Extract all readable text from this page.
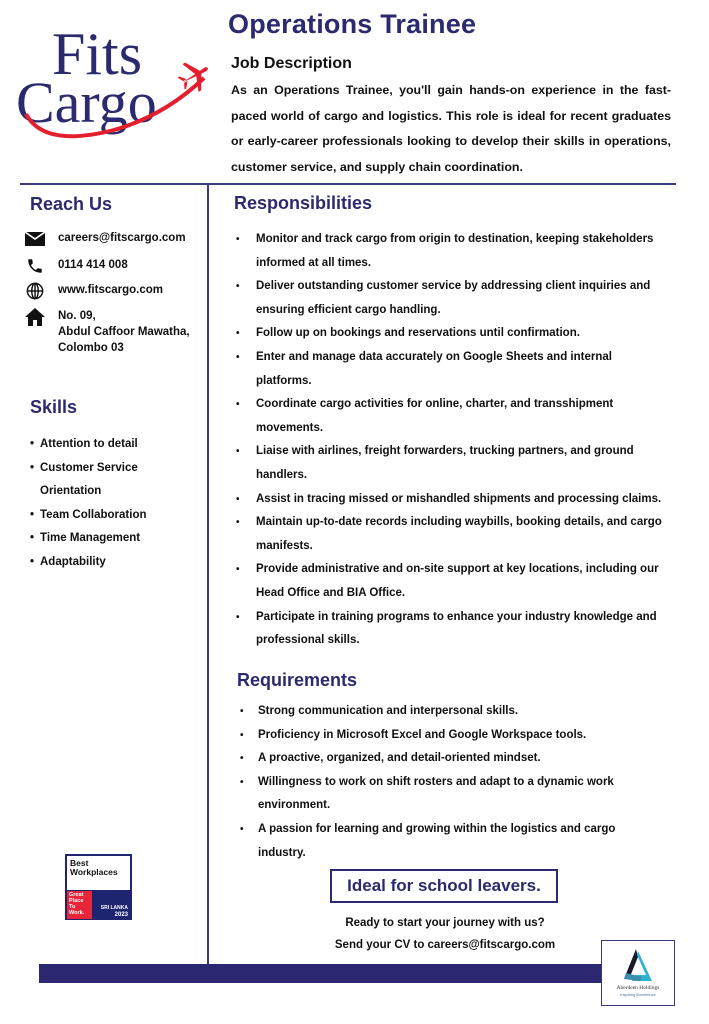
Fits
Cargo
Operations Trainee
Job Description
As an Operations Trainee, you'll gain hands-on experience in the fast-paced world of cargo and logistics. This role is ideal for recent graduates or early-career professionals looking to develop their skills in operations, customer service, and supply chain coordination.
Reach Us
careers@fitscargo.com
0114 414 008
www.fitscargo.com
No. 09,
Abdul Caffoor Mawatha,
Colombo 03
Skills
• Attention to detail
• Customer Service Orientation
• Team Collaboration
• Time Management
• Adaptability
Responsibilities
• Monitor and track cargo from origin to destination, keeping stakeholders informed at all times.
• Deliver outstanding customer service by addressing client inquiries and ensuring efficient cargo handling.
• Follow up on bookings and reservations until confirmation.
• Enter and manage data accurately on Google Sheets and internal platforms.
• Coordinate cargo activities for online, charter, and transshipment movements.
• Liaise with airlines, freight forwarders, trucking partners, and ground handlers.
• Assist in tracing missed or mishandled shipments and processing claims.
• Maintain up-to-date records including waybills, booking details, and cargo manifests.
• Provide administrative and on-site support at key locations, including our Head Office and BIA Office.
• Participate in training programs to enhance your industry knowledge and professional skills.
Requirements
• Strong communication and interpersonal skills.
• Proficiency in Microsoft Excel and Google Workspace tools.
• A proactive, organized, and detail-oriented mindset.
• Willingness to work on shift rosters and adapt to a dynamic work environment.
• A passion for learning and growing within the logistics and cargo industry.
Ideal for school leavers.
Ready to start your journey with us?
Send your CV to careers@fitscargo.com
Best
Workplaces
Great Place To Work.
SRI LANKA
2023
Aberdeen Holdings
Inspiring Excellence
